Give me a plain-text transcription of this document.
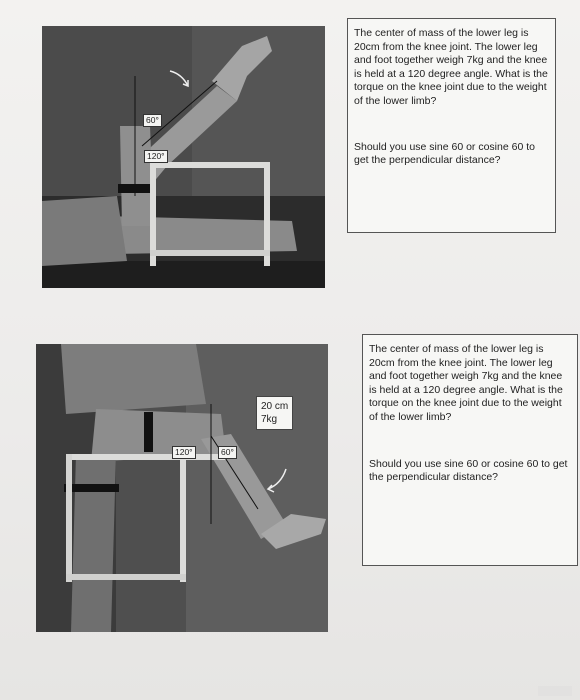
60°
120°

The center of mass of the lower leg is 20cm from the knee joint. The lower leg and foot together weigh 7kg and the knee is held at a 120 degree angle. What is the torque on the knee joint due to the weight of the lower limb?

Should you use sine 60 or cosine 60 to get the perpendicular distance?

120°	60°
20 cm
7kg

The center of mass of the lower leg is 20cm from the knee joint. The lower leg and foot together weigh 7kg and the knee is held at a 120 degree angle. What is the torque on the knee joint due to the weight of the lower limb?

Should you use sine 60 or cosine 60 to get the perpendicular distance?
